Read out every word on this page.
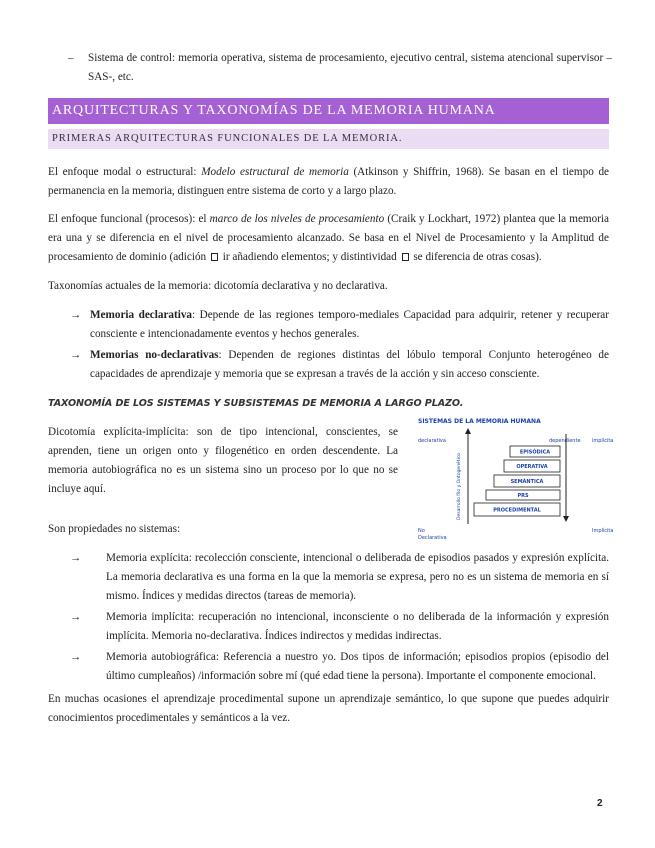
– Sistema de control: memoria operativa, sistema de procesamiento, ejecutivo central, sistema atencional supervisor –SAS-, etc.
ARQUITECTURAS Y TAXONOMÍAS DE LA MEMORIA HUMANA
PRIMERAS ARQUITECTURAS FUNCIONALES DE LA MEMORIA.
El enfoque modal o estructural: Modelo estructural de memoria (Atkinson y Shiffrin, 1968). Se basan en el tiempo de permanencia en la memoria, distinguen entre sistema de corto y a largo plazo.
El enfoque funcional (procesos): el marco de los niveles de procesamiento (Craik y Lockhart, 1972) plantea que la memoria era una y se diferencia en el nivel de procesamiento alcanzado. Se basa en el Nivel de Procesamiento y la Amplitud de procesamiento de dominio (adición  ir añadiendo elementos; y distintividad  se diferencia de otras cosas).
Taxonomías actuales de la memoria: dicotomía declarativa y no declarativa.
→ Memoria declarativa: Depende de las regiones temporo-mediales Capacidad para adquirir, retener y recuperar consciente e intencionadamente eventos y hechos generales.
→ Memorias no-declarativas: Dependen de regiones distintas del lóbulo temporal Conjunto heterogéneo de capacidades de aprendizaje y memoria que se expresan a través de la acción y sin acceso consciente.
TAXONOMÍA DE LOS SISTEMAS Y SUBSISTEMAS DE MEMORIA A LARGO PLAZO.
Dicotomía explícita-implícita: son de tipo intencional, conscientes, se aprenden, tiene un origen onto y filogenético en orden descendente. La memoria autobiográfica no es un sistema sino un proceso por lo que no se incluye aquí.
SISTEMAS DE LA MEMORIA HUMANA
declarativa	dependiente implícita
No
Declarativa
Implícita
Desarrollo filo y Ontogenético
EPISÓDICA
OPERATIVA
SEMÁNTICA
PRS
PROCEDIMENTAL
Son propiedades no sistemas:
→ Memoria explícita: recolección consciente, intencional o deliberada de episodios pasados y expresión explícita. La memoria declarativa es una forma en la que la memoria se expresa, pero no es un sistema de memoria en sí mismo. Índices y medidas directos (tareas de memoria).
→ Memoria implícita: recuperación no intencional, inconsciente o no deliberada de la información y expresión implícita. Memoria no-declarativa. Índices indirectos y medidas indirectas.
→ Memoria autobiográfica: Referencia a nuestro yo. Dos tipos de información; episodios propios (episodio del último cumpleaños) /información sobre mí (qué edad tiene la persona). Importante el componente emocional.
En muchas ocasiones el aprendizaje procedimental supone un aprendizaje semántico, lo que supone que puedes adquirir conocimientos procedimentales y semánticos a la vez.
2
